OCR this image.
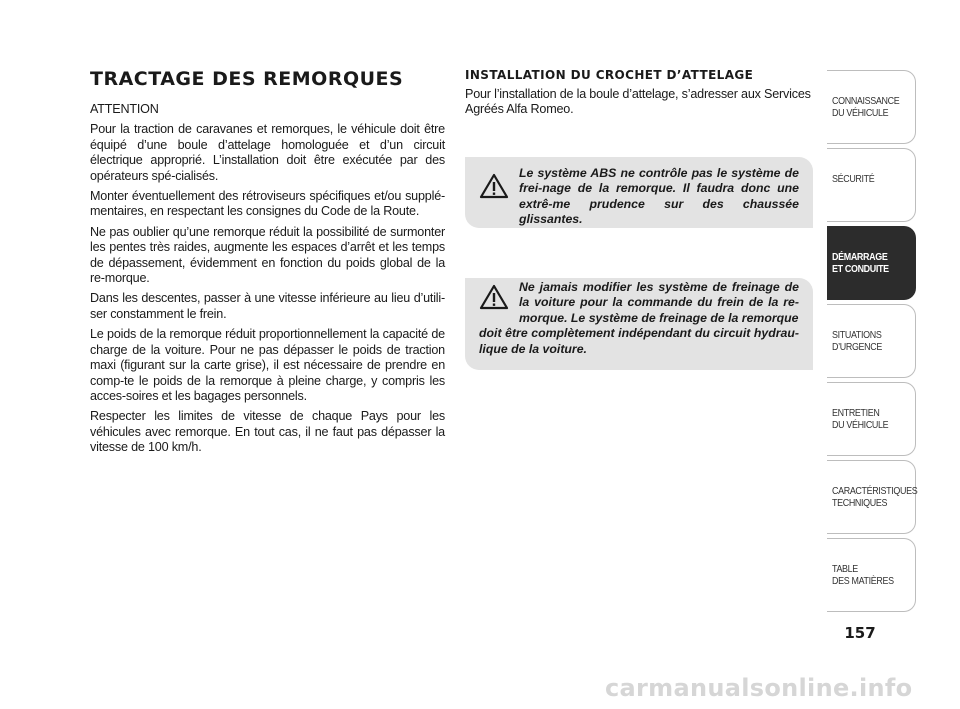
TRACTAGE DES REMORQUES

ATTENTION

Pour la traction de caravanes et remorques, le véhicule doit être équipé d’une boule d’attelage homologuée et d’un circuit électrique approprié. L’installation doit être exécutée par des opérateurs spé-cialisés.

Monter éventuellement des rétroviseurs spécifiques et/ou supplé-mentaires, en respectant les consignes du Code de la Route.

Ne pas oublier qu’une remorque réduit la possibilité de surmonter les pentes très raides, augmente les espaces d’arrêt et les temps de dépassement, évidemment en fonction du poids global de la re-morque.

Dans les descentes, passer à une vitesse inférieure au lieu d’utili-ser constamment le frein.

Le poids de la remorque réduit proportionnellement la capacité de charge de la voiture. Pour ne pas dépasser le poids de traction maxi (figurant sur la carte grise), il est nécessaire de prendre en comp-te le poids de la remorque à pleine charge, y compris les acces-soires et les bagages personnels.

Respecter les limites de vitesse de chaque Pays pour les véhicules avec remorque. En tout cas, il ne faut pas dépasser la vitesse de 100 km/h.

INSTALLATION DU CROCHET D’ATTELAGE

Pour l’installation de la boule d’attelage, s’adresser aux Services Agréés Alfa Romeo.

Le système ABS ne contrôle pas le système de frei-nage de la remorque. Il faudra donc une extrê-me prudence sur des chaussée glissantes.
Ne jamais modifier les système de freinage de la voiture pour la commande du frein de la re-morque. Le système de freinage de la remorque
doit être complètement indépendant du circuit hydrau-lique de la voiture.
CONNAISSANCE
DU VÉHICULE
SÉCURITÉ
DÉMARRAGE
ET CONDUITE
SITUATIONS
D’URGENCE
ENTRETIEN
DU VÉHICULE
CARACTÉRISTIQUES
TECHNIQUES
TABLE
DES MATIÈRES
157
carmanualsonline.info
